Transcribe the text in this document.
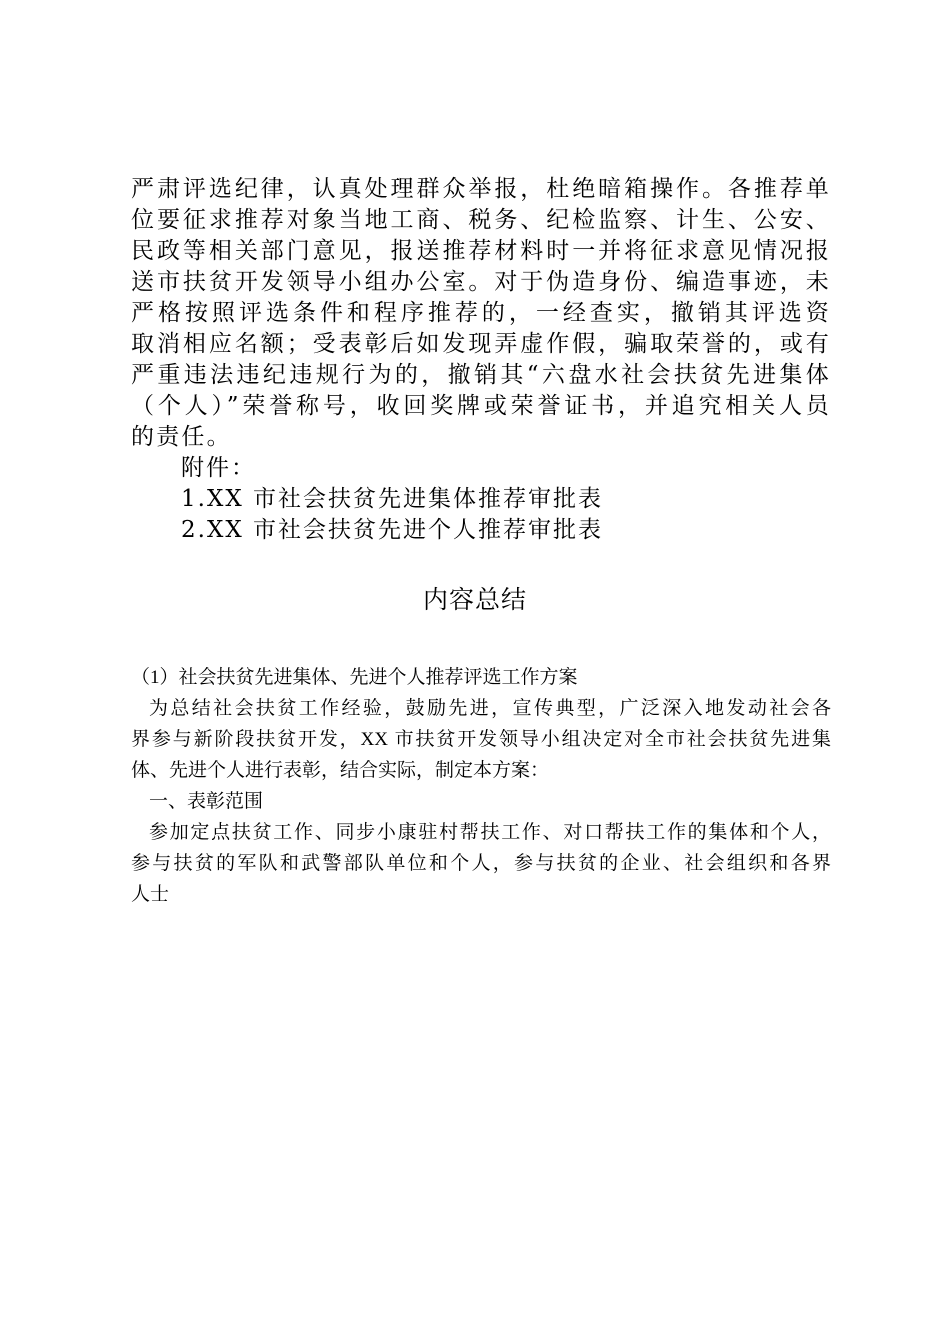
严肃评选纪律，认真处理群众举报，杜绝暗箱操作。各推荐单
位要征求推荐对象当地工商、税务、纪检监察、计生、公安、
民政等相关部门意见，报送推荐材料时一并将征求意见情况报
送市扶贫开发领导小组办公室。对于伪造身份、编造事迹，未
严格按照评选条件和程序推荐的，一经查实，撤销其评选资
取消相应名额；受表彰后如发现弄虚作假，骗取荣誉的，或有
严重违法违纪违规行为的，撤销其“六盘水社会扶贫先进集体
（个人）”荣誉称号，收回奖牌或荣誉证书，并追究相关人员
的责任。
附件：
1.XX 市社会扶贫先进集体推荐审批表
2.XX 市社会扶贫先进个人推荐审批表
内容总结
（1）社会扶贫先进集体、先进个人推荐评选工作方案
为总结社会扶贫工作经验，鼓励先进，宣传典型，广泛深入地发动社会各
界参与新阶段扶贫开发，XX 市扶贫开发领导小组决定对全市社会扶贫先进集
体、先进个人进行表彰，结合实际，制定本方案：
一、表彰范围
参加定点扶贫工作、同步小康驻村帮扶工作、对口帮扶工作的集体和个人，
参与扶贫的军队和武警部队单位和个人，参与扶贫的企业、社会组织和各界
人士
